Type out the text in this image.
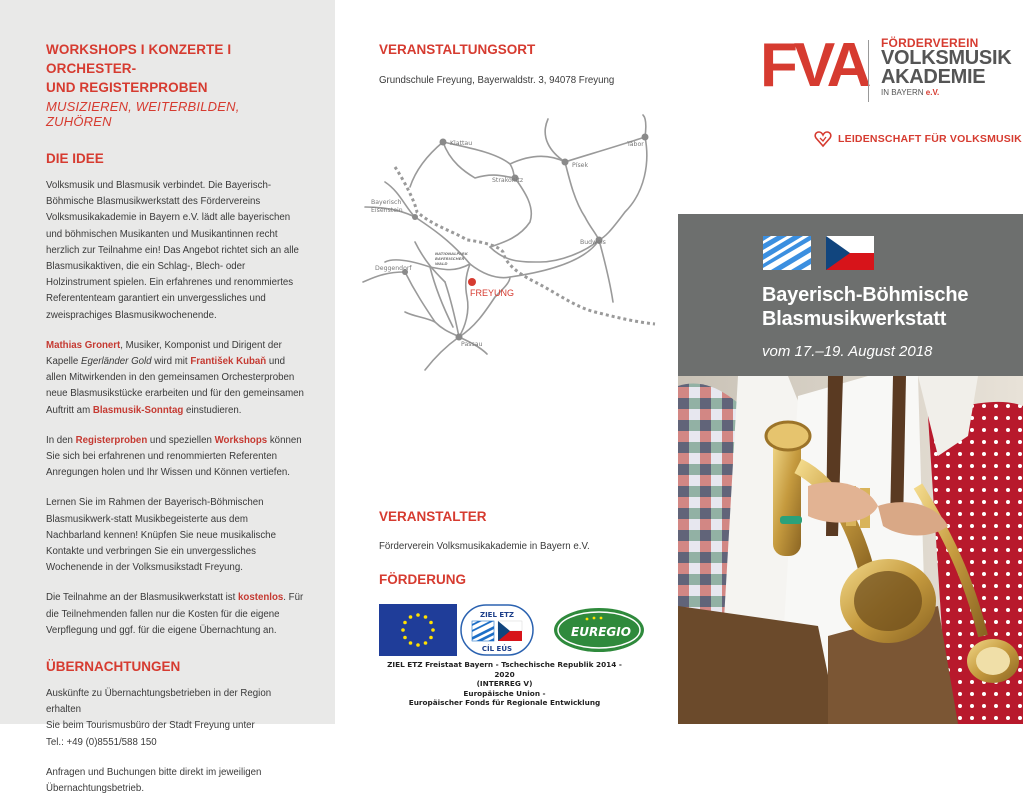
WORKSHOPS I KONZERTE I ORCHESTER-
UND REGISTERPROBEN
MUSIZIEREN, WEITERBILDEN, ZUHÖREN
DIE IDEE

Volksmusik und Blasmusik verbindet. Die Bayerisch-Böhmische Blasmusikwerkstatt des Fördervereins Volksmusikakademie in Bayern e.V. lädt alle bayerischen und böhmischen Musikanten und Musikantinnen recht herzlich zur Teilnahme ein! Das Angebot richtet sich an alle Blasmusikaktiven, die ein Schlag-, Blech- oder Holzinstrument spielen. Ein erfahrenes und renommiertes Referententeam garantiert ein unvergessliches und zweisprachiges Blasmusikwochenende.

Mathias Gronert, Musiker, Komponist und Dirigent der Kapelle Egerländer Gold wird mit František Kubaň und allen Mitwirkenden in den gemeinsamen Orchesterproben neue Blasmusikstücke erarbeiten und für den gemeinsamen Auftritt am Blasmusik-Sonntag einstudieren.

In den Registerproben und speziellen Workshops können Sie sich bei erfahrenen und renommierten Referenten Anregungen holen und Ihr Wissen und Können vertiefen.

Lernen Sie im Rahmen der Bayerisch-Böhmischen Blasmusikwerk-statt Musikbegeisterte aus dem Nachbarland kennen! Knüpfen Sie neue musikalische Kontakte und verbringen Sie ein unvergessliches Wochenende in der Volksmusikstadt Freyung.

Die Teilnahme an der Blasmusikwerkstatt ist kostenlos. Für die Teilnehmenden fallen nur die Kosten für die eigene Verpflegung und ggf. für die eigene Übernachtung an.

ÜBERNACHTUNGEN

Auskünfte zu Übernachtungsbetrieben in der Region erhalten
Sie beim Tourismusbüro der Stadt Freyung unter
Tel.: +49 (0)8551/588 150

Anfragen und Buchungen bitte direkt im jeweiligen Übernachtungsbetrieb.

VERANSTALTUNGSORT

Grundschule Freyung, Bayerwaldstr. 3, 94078 Freyung

VERANSTALTER

Förderverein Volksmusikakademie in Bayern e.V.

FÖRDERUNG
ZIEL ETZ
CÍL EÚS
EUREGIO
ZIEL ETZ Freistaat Bayern - Tschechische Republik 2014 - 2020
(INTERREG V)
Europäische Union -
Europäischer Fonds für Regionale Entwicklung
Klattau	Tábor
Strakonitz
Písek
Bayerisch
Eisenstein
Budweis
Deggendorf
Passau
NATIONALPARK
BAYERISCHER
WALD
FREYUNG
FVA FÖRDERVEREIN
VOLKSMUSIK
AKADEMIE
IN BAYERN e.V.
LEIDENSCHAFT FÜR VOLKSMUSIK
Bayerisch-Böhmische
Blasmusikwerkstatt
vom 17.–19. August 2018
